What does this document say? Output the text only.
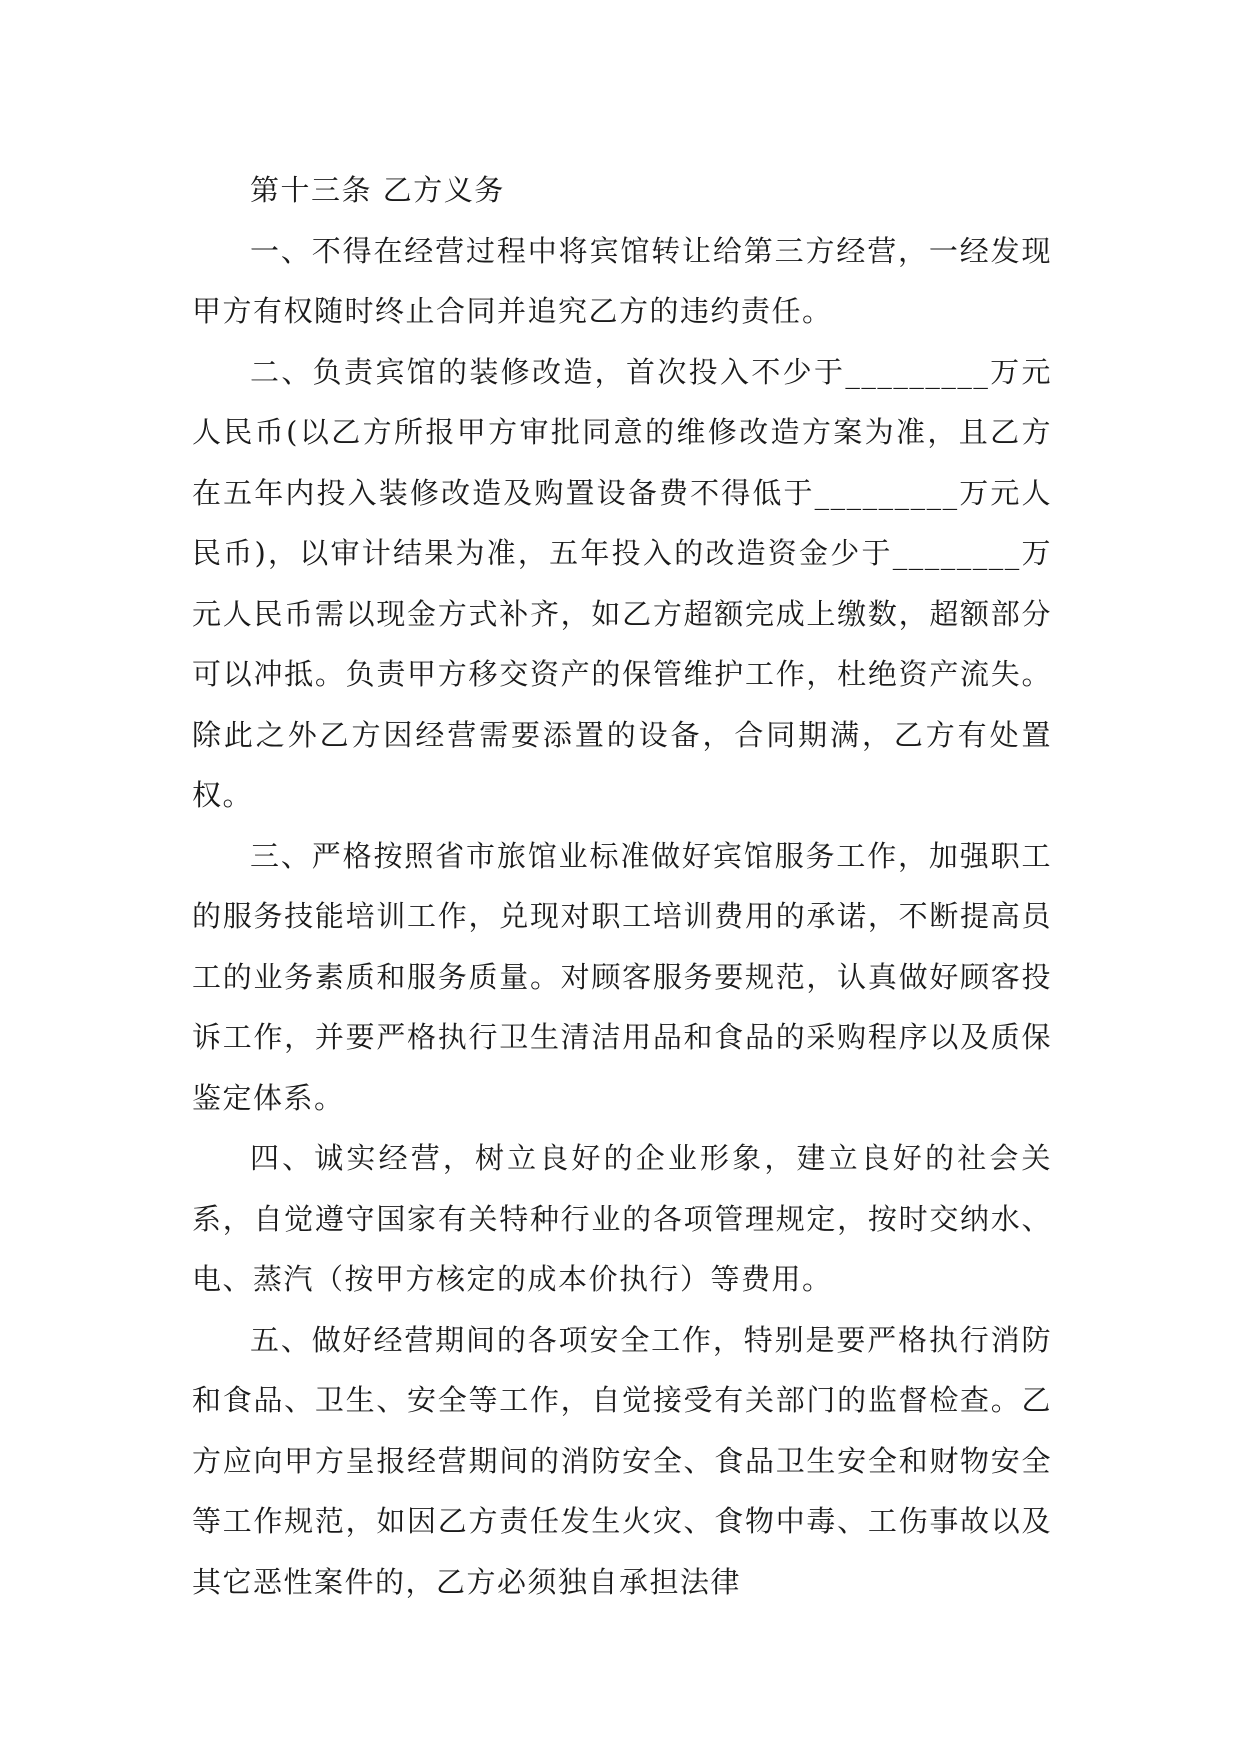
第十三条 乙方义务

一、不得在经营过程中将宾馆转让给第三方经营，一经发现甲方有权随时终止合同并追究乙方的违约责任。

二、负责宾馆的装修改造，首次投入不少于_________万元人民币(以乙方所报甲方审批同意的维修改造方案为准，且乙方在五年内投入装修改造及购置设备费不得低于_________万元人民币)，以审计结果为准，五年投入的改造资金少于________万元人民币需以现金方式补齐，如乙方超额完成上缴数，超额部分可以冲抵。负责甲方移交资产的保管维护工作，杜绝资产流失。除此之外乙方因经营需要添置的设备，合同期满，乙方有处置权。

三、严格按照省市旅馆业标准做好宾馆服务工作，加强职工的服务技能培训工作，兑现对职工培训费用的承诺，不断提高员工的业务素质和服务质量。对顾客服务要规范，认真做好顾客投诉工作，并要严格执行卫生清洁用品和食品的采购程序以及质保鉴定体系。

四、诚实经营，树立良好的企业形象，建立良好的社会关系，自觉遵守国家有关特种行业的各项管理规定，按时交纳水、电、蒸汽（按甲方核定的成本价执行）等费用。

五、做好经营期间的各项安全工作，特别是要严格执行消防和食品、卫生、安全等工作，自觉接受有关部门的监督检查。乙方应向甲方呈报经营期间的消防安全、食品卫生安全和财物安全等工作规范，如因乙方责任发生火灾、食物中毒、工伤事故以及其它恶性案件的，乙方必须独自承担法律
